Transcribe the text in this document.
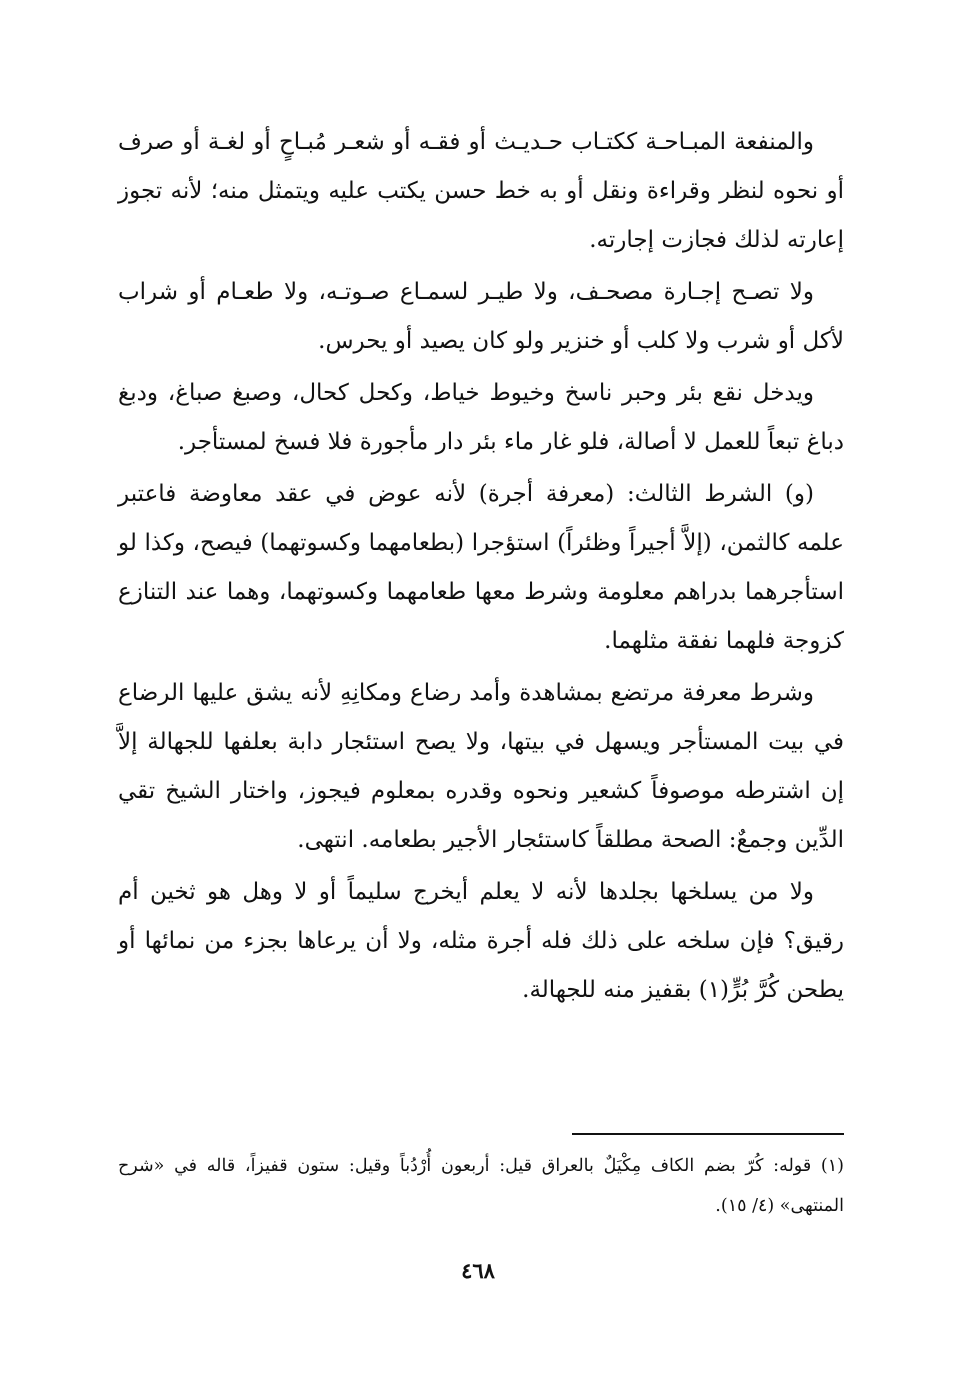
والمنفعة المبـاحـة ككتـاب حـديـث أو فقـه أو شعـر مُبـاحٍ أو لغـة أو صرف أو نحوه لنظر وقراءة ونقل أو به خط حسن يكتب عليه ويتمثل منه؛ لأنه تجوز إعارته لذلك فجازت إجارته.

ولا تصـح إجـارة مصحـف، ولا طيـر لسمـاع صـوتـه، ولا طعـام أو شراب لأكل أو شرب ولا كلب أو خنزير ولو كان يصيد أو يحرس.

ويدخل نقع بئر وحبر ناسخ وخيوط خياط، وكحل كحال، وصبغ صباغ، ودبغ دباغ تبعاً للعمل لا أصالة، فلو غار ماء بئر دار مأجورة فلا فسخ لمستأجر.

(و) الشرط الثالث: (معرفة أجرة) لأنه عوض في عقد معاوضة فاعتبر علمه كالثمن، (إلاَّ أجيراً وظئراً) استؤجرا (بطعامهما وكسوتهما) فيصح، وكذا لو استأجرهما بدراهم معلومة وشرط معها طعامهما وكسوتهما، وهما عند التنازع كزوجة فلهما نفقة مثلهما.

وشرط معرفة مرتضع بمشاهدة وأمد رضاع ومكانِهِ لأنه يشق عليها الرضاع في بيت المستأجر ويسهل في بيتها، ولا يصح استئجار دابة بعلفها للجهالة إلاَّ إن اشترطه موصوفاً كشعير ونحوه وقدره بمعلوم فيجوز، واختار الشيخ تقي الدِّين وجمعٌ: الصحة مطلقاً كاستئجار الأجير بطعامه. انتهى.

ولا من يسلخها بجلدها لأنه لا يعلم أيخرج سليماً أو لا وهل هو ثخين أم رقيق؟ فإن سلخه على ذلك فله أجرة مثله، ولا أن يرعاها بجزء من نمائها أو يطحن كُرَّ بُرٍّ(١) بقفيز منه للجهالة.

(١) قوله: كُرّ بضم الكاف مِكْيَلٌ بالعراق قيل: أربعون أُرْدُباً وقيل: ستون قفيزاً، قاله في «شرح المنتهى» (٤/ ١٥).
٤٦٨
